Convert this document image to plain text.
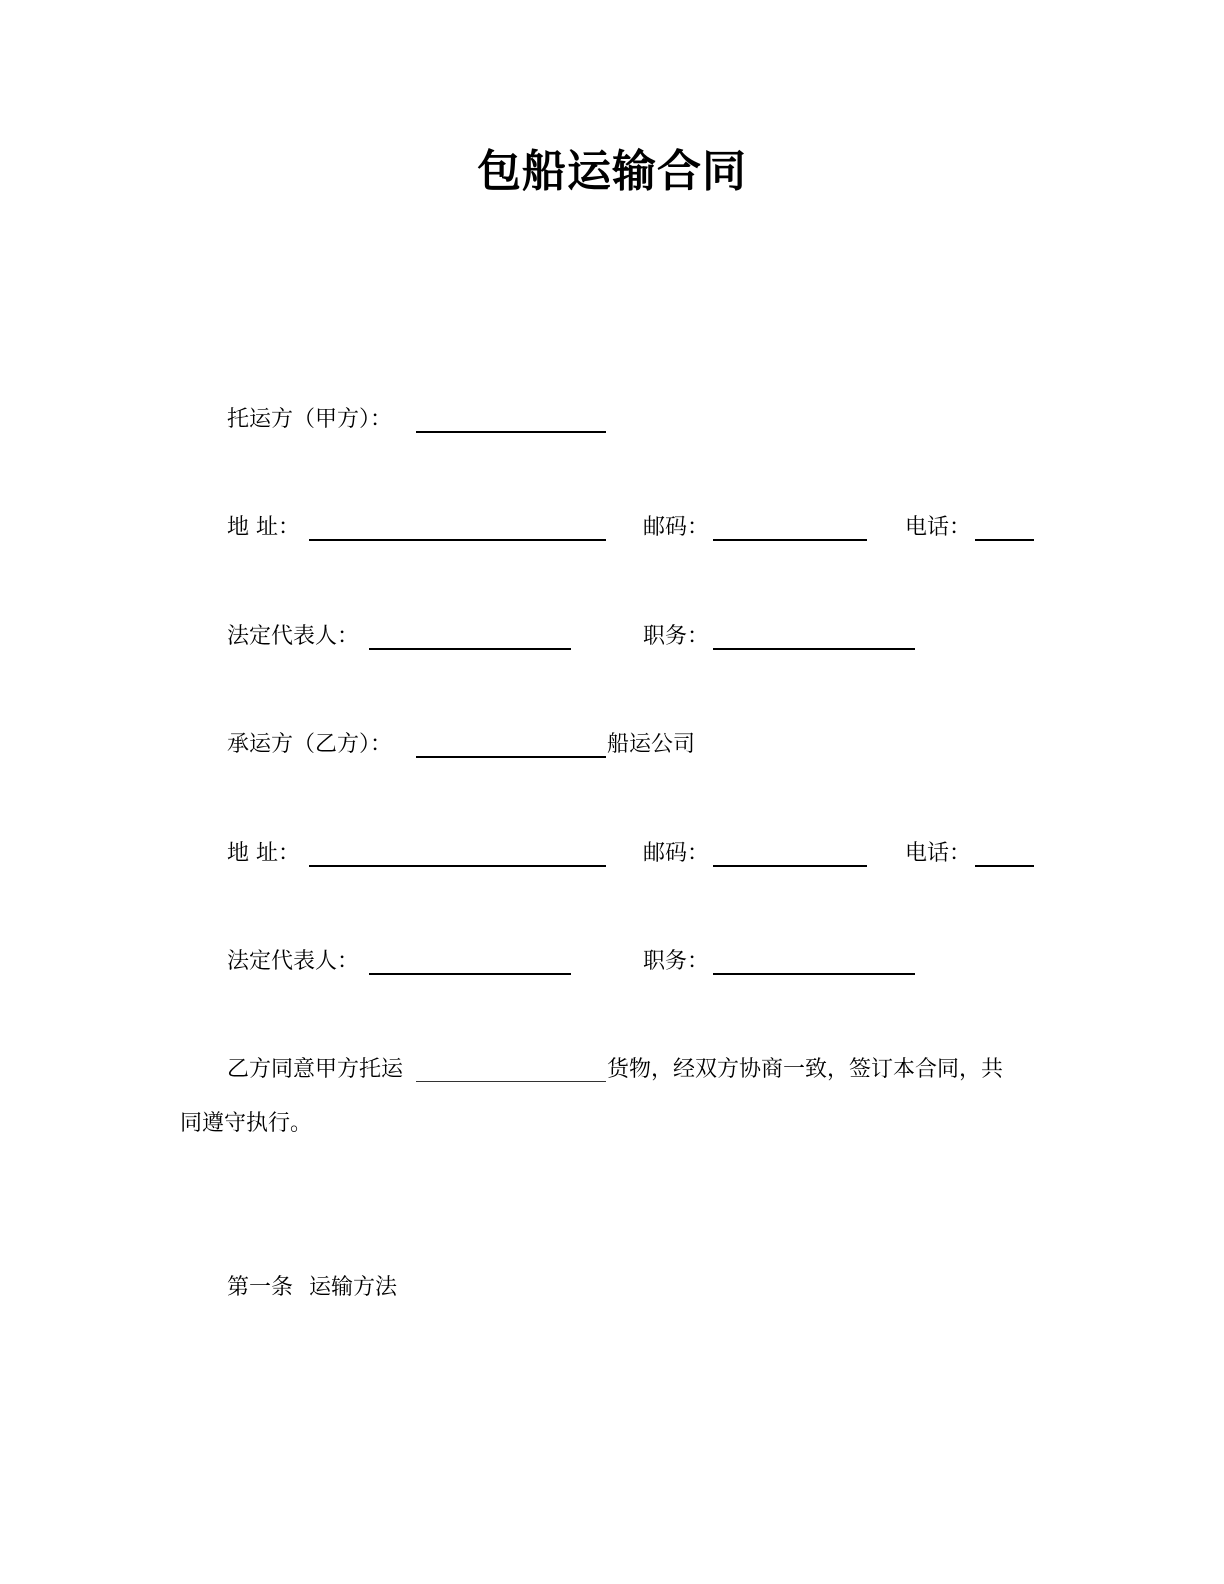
包船运输合同
托运方（甲方）：
地 址：	邮码：	电话：
法定代表人：	职务：
承运方（乙方）：	船运公司
地 址：	邮码：	电话：
法定代表人：	职务：
乙方同意甲方托运	货物，经双方协商一致，签订本合同，共
同遵守执行。
第一条 运输方法
